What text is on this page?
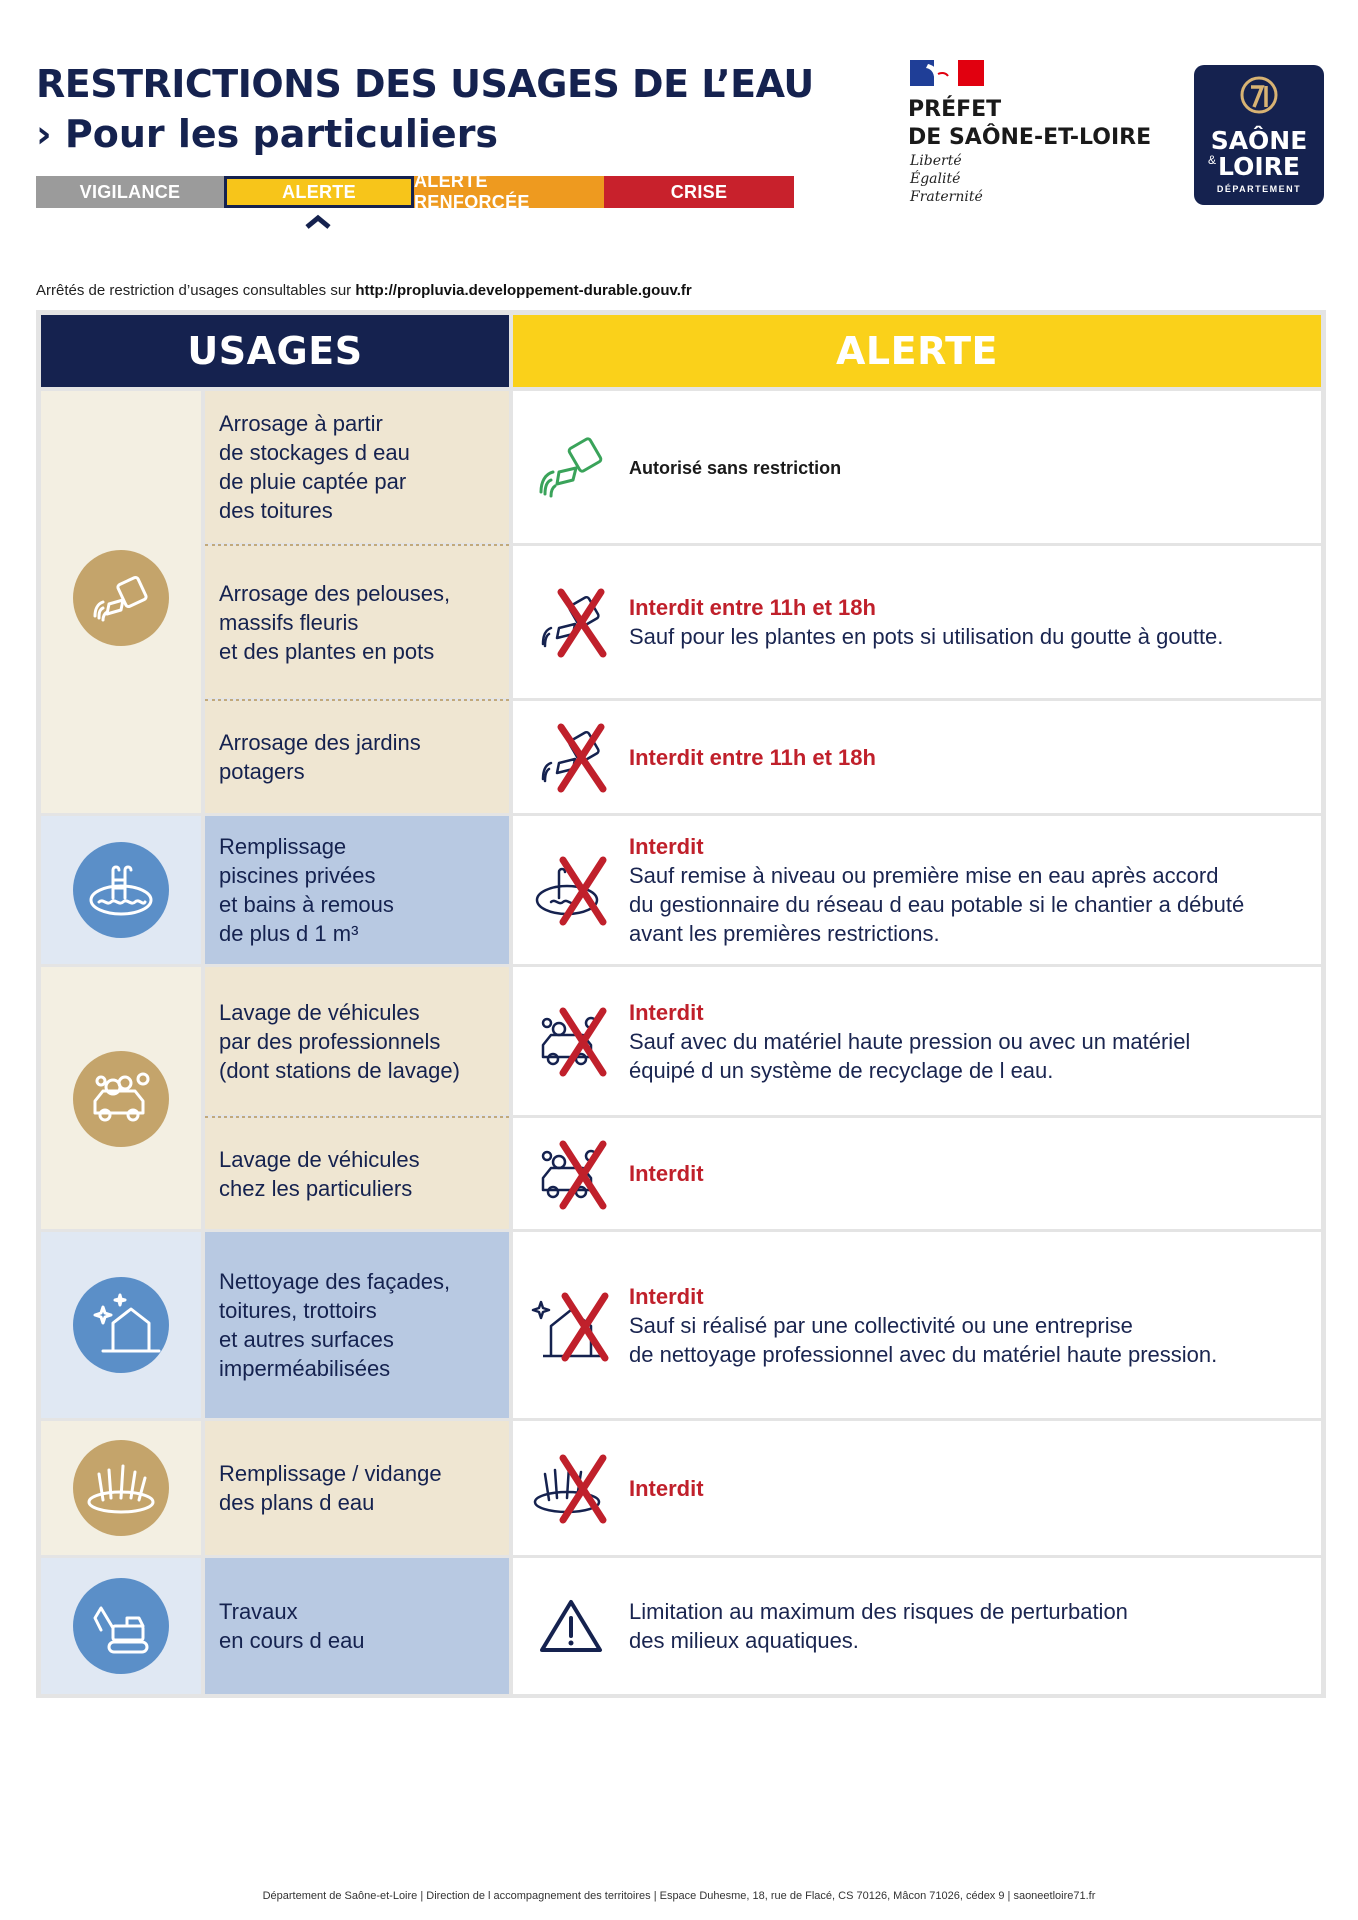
RESTRICTIONS DES USAGES DE L’EAU
› Pour les particuliers
VIGILANCE	ALERTE
ALERTE RENFORCÉE
CRISE
PRÉFET
DE SAÔNE-ET-LOIRE
Liberté
Égalité
Fraternité
SAÔNE
& LOIRE
DÉPARTEMENT
Arrêtés de restriction d’usages consultables sur http://propluvia.developpement-durable.gouv.fr
USAGES	ALERTE
Arrosage à partir
de stockages d eau
de pluie captée par
des toitures
Arrosage des pelouses,
massifs fleuris
et des plantes en pots
Arrosage des jardins
potagers
Autorisé sans restriction
Interdit entre 11h et 18h
Sauf pour les plantes en pots si utilisation du goutte à goutte.
Interdit entre 11h et 18h
Remplissage
piscines privées
et bains à remous
de plus d 1 m³
Interdit
Sauf remise à niveau ou première mise en eau après accord
du gestionnaire du réseau d eau potable si le chantier a débuté
avant les premières restrictions.
Lavage de véhicules
par des professionnels
(dont stations de lavage)
Lavage de véhicules
chez les particuliers
Interdit
Sauf avec du matériel haute pression ou avec un matériel
équipé d un système de recyclage de l eau.
Interdit
Nettoyage des façades,
toitures, trottoirs
et autres surfaces
imperméabilisées
Interdit
Sauf si réalisé par une collectivité ou une entreprise
de nettoyage professionnel avec du matériel haute pression.
Remplissage / vidange
des plans d eau
Interdit
Travaux
en cours d eau
Limitation au maximum des risques de perturbation
des milieux aquatiques.
Département de Saône-et-Loire | Direction de l accompagnement des territoires | Espace Duhesme, 18, rue de Flacé, CS 70126, Mâcon 71026, cédex 9 | saoneetloire71.fr
